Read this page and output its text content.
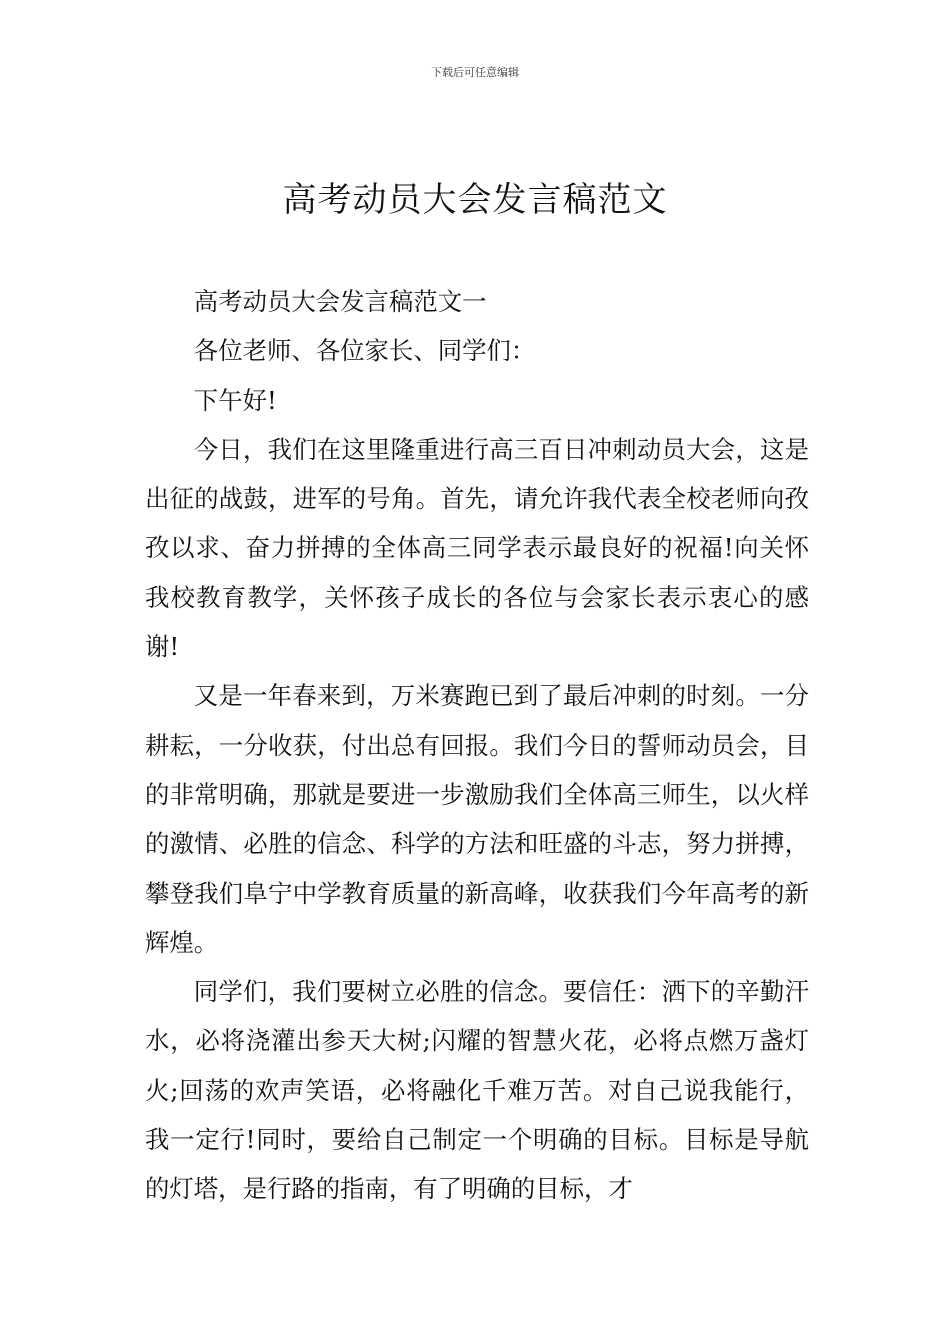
下载后可任意编辑
高考动员大会发言稿范文

高考动员大会发言稿范文一

各位老师、各位家长、同学们：

下午好!

今日，我们在这里隆重进行高三百日冲刺动员大会，这是出征的战鼓，进军的号角。首先，请允许我代表全校老师向孜孜以求、奋力拼搏的全体高三同学表示最良好的祝福!向关怀我校教育教学，关怀孩子成长的各位与会家长表示衷心的感谢!

又是一年春来到，万米赛跑已到了最后冲刺的时刻。一分耕耘，一分收获，付出总有回报。我们今日的誓师动员会，目的非常明确，那就是要进一步激励我们全体高三师生，以火样的激情、必胜的信念、科学的方法和旺盛的斗志，努力拼搏，攀登我们阜宁中学教育质量的新高峰，收获我们今年高考的新辉煌。

同学们，我们要树立必胜的信念。要信任：洒下的辛勤汗水，必将浇灌出参天大树;闪耀的智慧火花，必将点燃万盏灯火;回荡的欢声笑语，必将融化千难万苦。对自己说我能行，我一定行!同时，要给自己制定一个明确的目标。目标是导航的灯塔，是行路的指南，有了明确的目标，才
